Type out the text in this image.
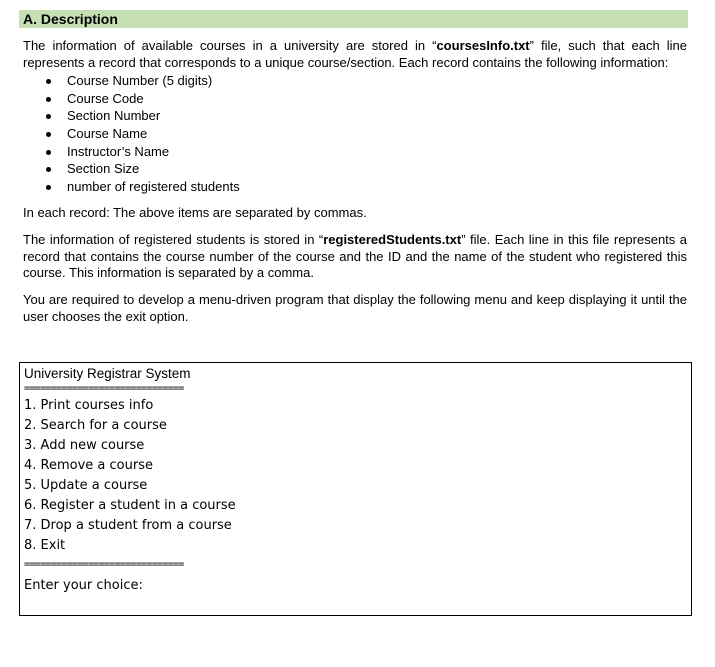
A. Description
The information of available courses in a university are stored in “coursesInfo.txt” file, such that each line represents a record that corresponds to a unique course/section. Each record contains the following information:
Course Number (5 digits)
Course Code
Section Number
Course Name
Instructor’s Name
Section Size
number of registered students
In each record: The above items are separated by commas.
The information of registered students is stored in “registeredStudents.txt” file. Each line in this file represents a record that contains the course number of the course and the ID and the name of the student who registered this course. This information is separated by a comma.
You are required to develop a menu-driven program that display the following menu and keep displaying it until the user chooses the exit option.
University Registrar System
==============================
1. Print courses info
2. Search for a course
3. Add new course
4. Remove a course
5. Update a course
6. Register a student in a course
7. Drop a student from a course
8. Exit
==============================
Enter your choice:
